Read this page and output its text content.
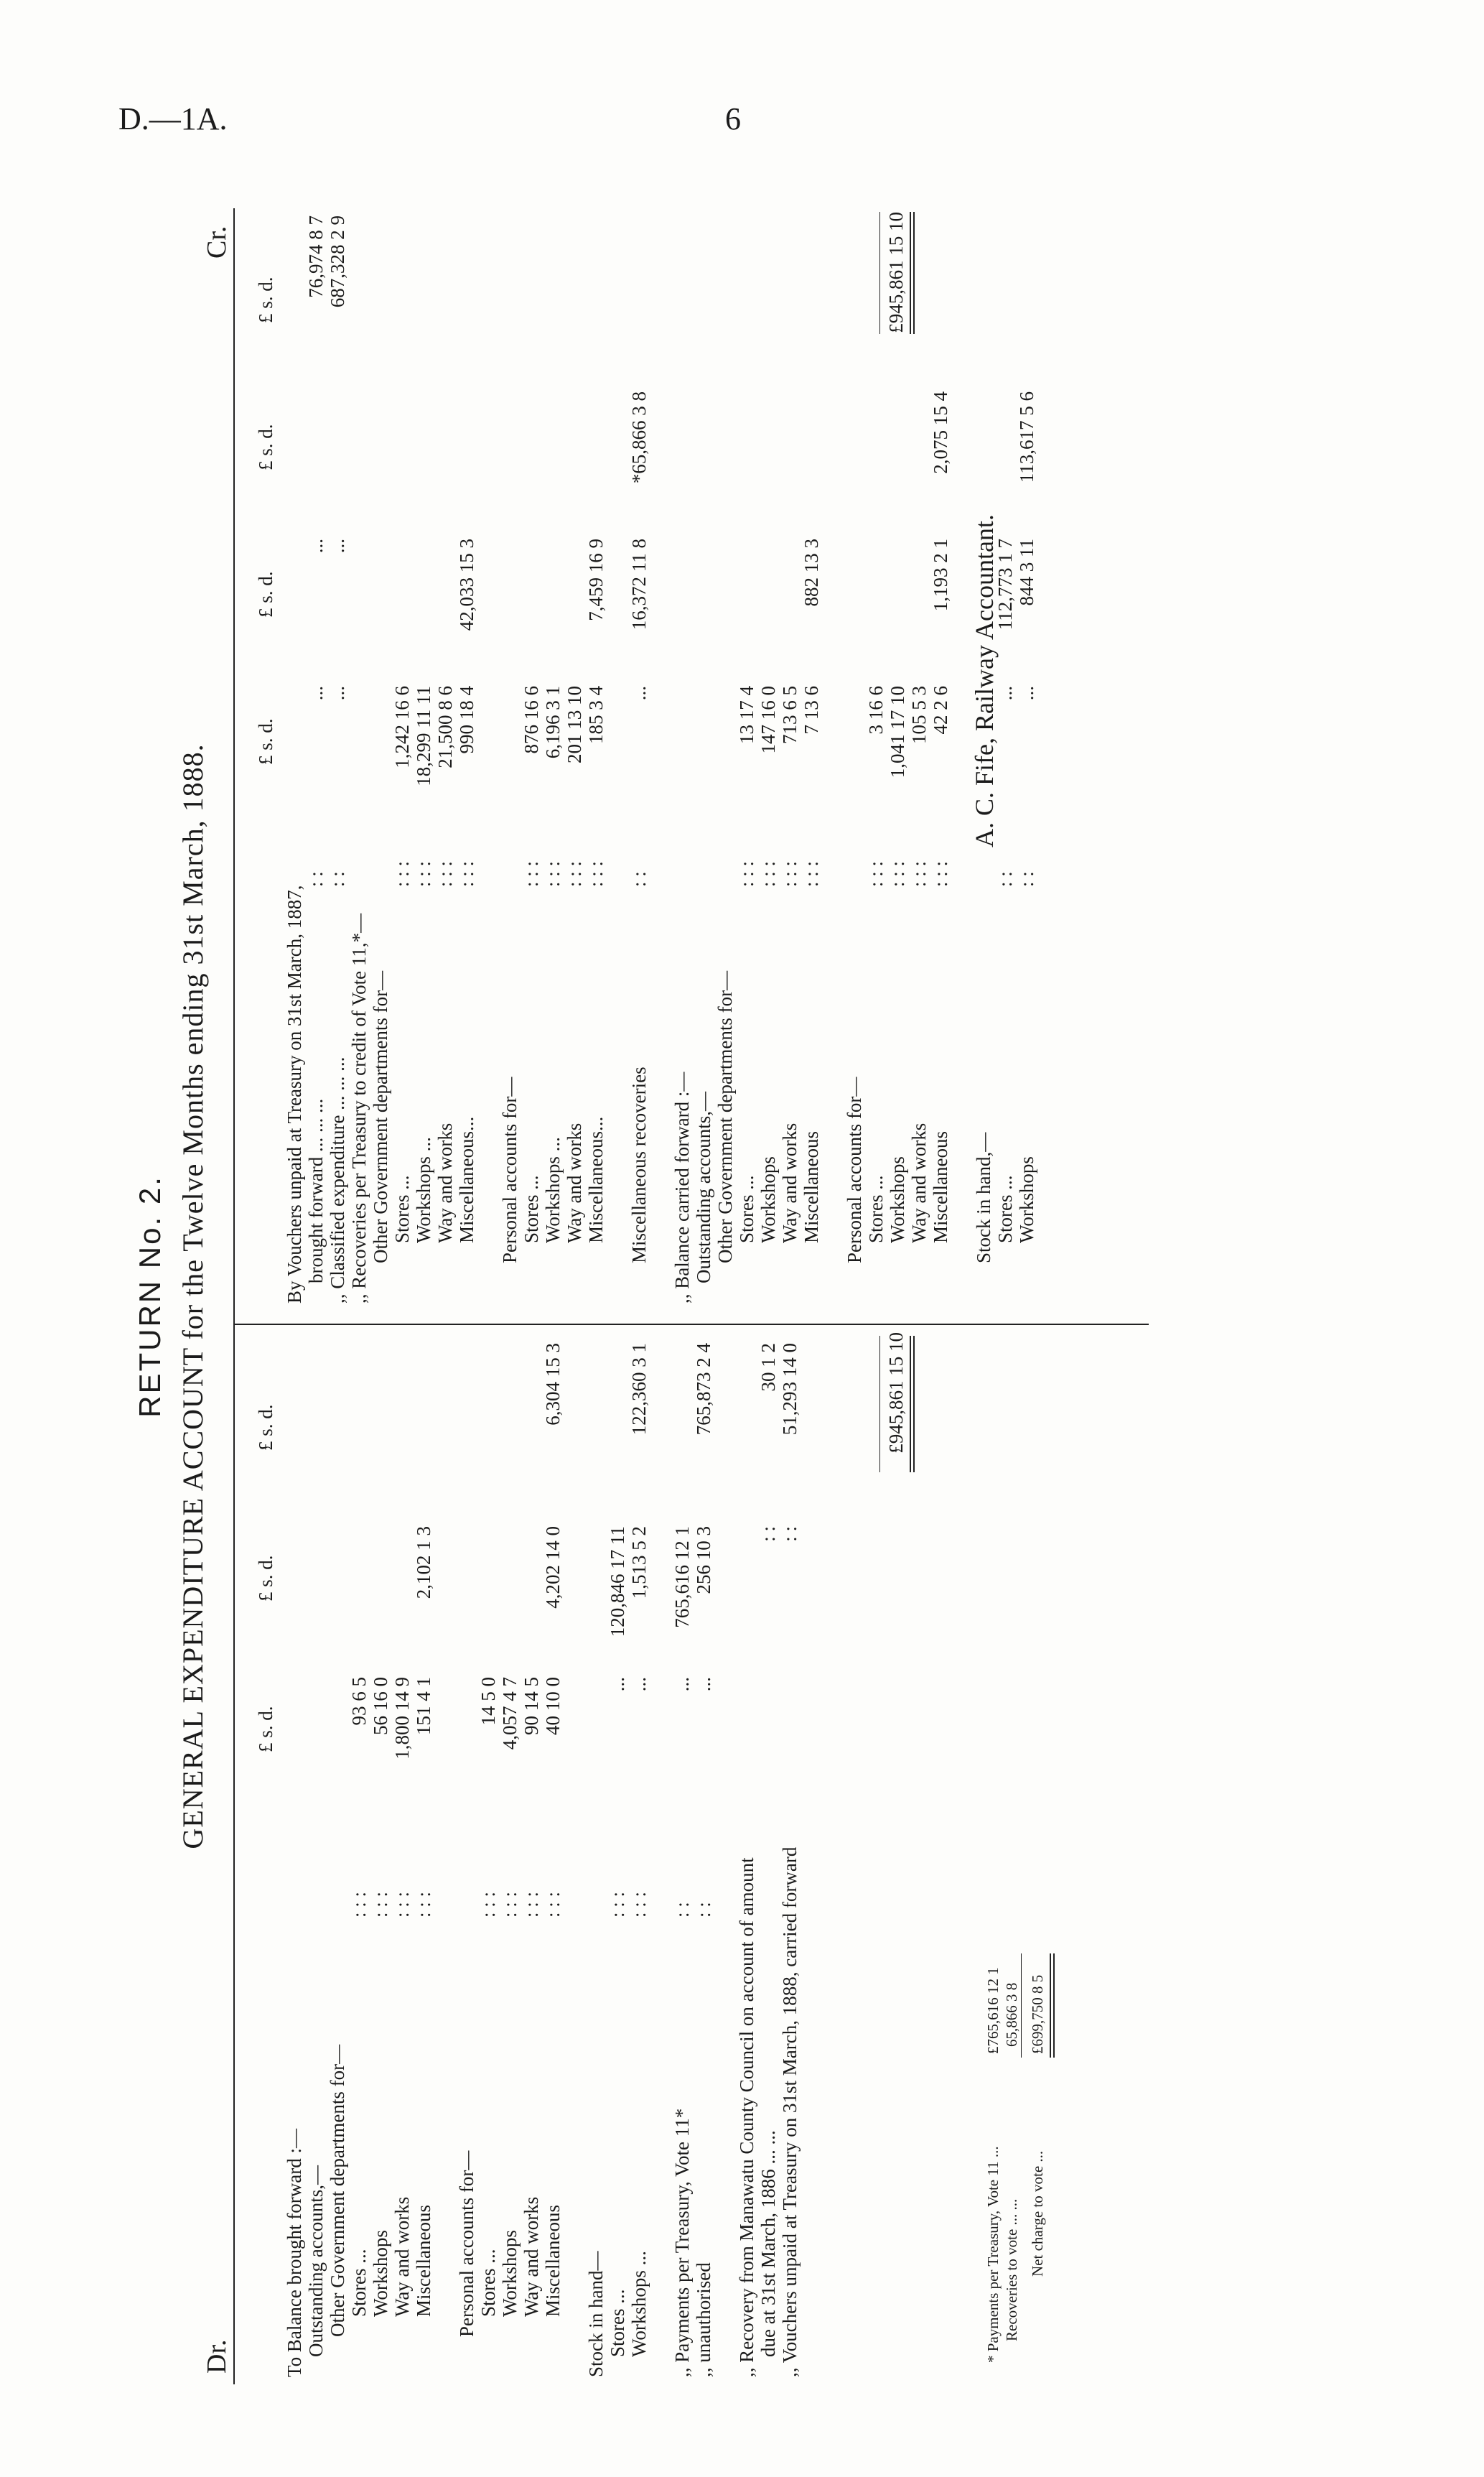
D.—1A.	6
RETURN No. 2. GENERAL EXPENDITURE ACCOUNT for the Twelve Months ending 31st March, 1888.
Dr.
Cr.
£ s. d.
£ s. d.
£ s. d.
To Balance brought forward :— Outstanding accounts,— Other Government departments for— Stores ...
: : :
93 6 5
Workshops
: : :
56 16 0
Way and works
: : :
1,800 14 9
Miscellaneous
: : :
151 4 1
2,102 1 3
Personal accounts for— Stores ...
: : :
14 5 0
Workshops
: : :
4,057 4 7
Way and works
: : :
90 14 5
Miscellaneous
: : :
40 10 0
4,202 14 0
6,304 15 3
Stock in hand— Stores ...
: : :
...
120,846 17 11
Workshops ...
: : :
...
1,513 5 2
122,360 3 1
,, Payments per Treasury, Vote 11*
: :
...
765,616 12 1
,, unauthorised
: :
...
256 10 3
765,873 2 4
,, Recovery from Manawatu County Council on account of amount due at 31st March, 1886 ... ...
: :
30 1 2
,, Vouchers unpaid at Treasury on 31st March, 1888, carried forward
: :
51,293 14 0
£ s. d.
£ s. d.
£ s. d.
£ s. d.
By Vouchers unpaid at Treasury on 31st March, 1887, brought forward ... ... ...
: :
...
...
76,974 8 7
,, Classified expenditure ... ... ...
: :
...
...
687,328 2 9
,, Recoveries per Treasury to credit of Vote 11,*— Other Government departments for— Stores ...
: : :
1,242 16 6
Workshops ...
: : :
18,299 11 11
Way and works
: : :
21,500 8 6
Miscellaneous...
: : :
990 18 4
42,033 15 3
Personal accounts for— Stores ...
: : :
876 16 6
Workshops ...
: : :
6,196 3 1
Way and works
: : :
201 13 10
Miscellaneous...
: : :
185 3 4
7,459 16 9
Miscellaneous recoveries
: :
...
16,372 11 8
*65,866 3 8
,, Balance carried forward :— Outstanding accounts,— Other Government departments for— Stores ...
: : :
13 17 4
Workshops
: : :
147 16 0
Way and works
: : :
713 6 5
Miscellaneous
: : :
7 13 6
882 13 3
Personal accounts for— Stores ...
: : :
3 16 6
Workshops
: : :
1,041 17 10
Way and works
: : :
105 5 3
Miscellaneous
: : :
42 2 6
1,193 2 1
2,075 15 4
Stock in hand,— Stores ...
: :
...
112,773 1 7
Workshops
: :
...
844 3 11
113,617 5 6
£945,861 15 10
£945,861 15 10
* Payments per Treasury, Vote 11 ...
£765,616 12 1
Recoveries to vote ... ...
65,866 3 8
Net charge to vote ...
£699,750 8 5
A. C. Fife, Railway Accountant.
